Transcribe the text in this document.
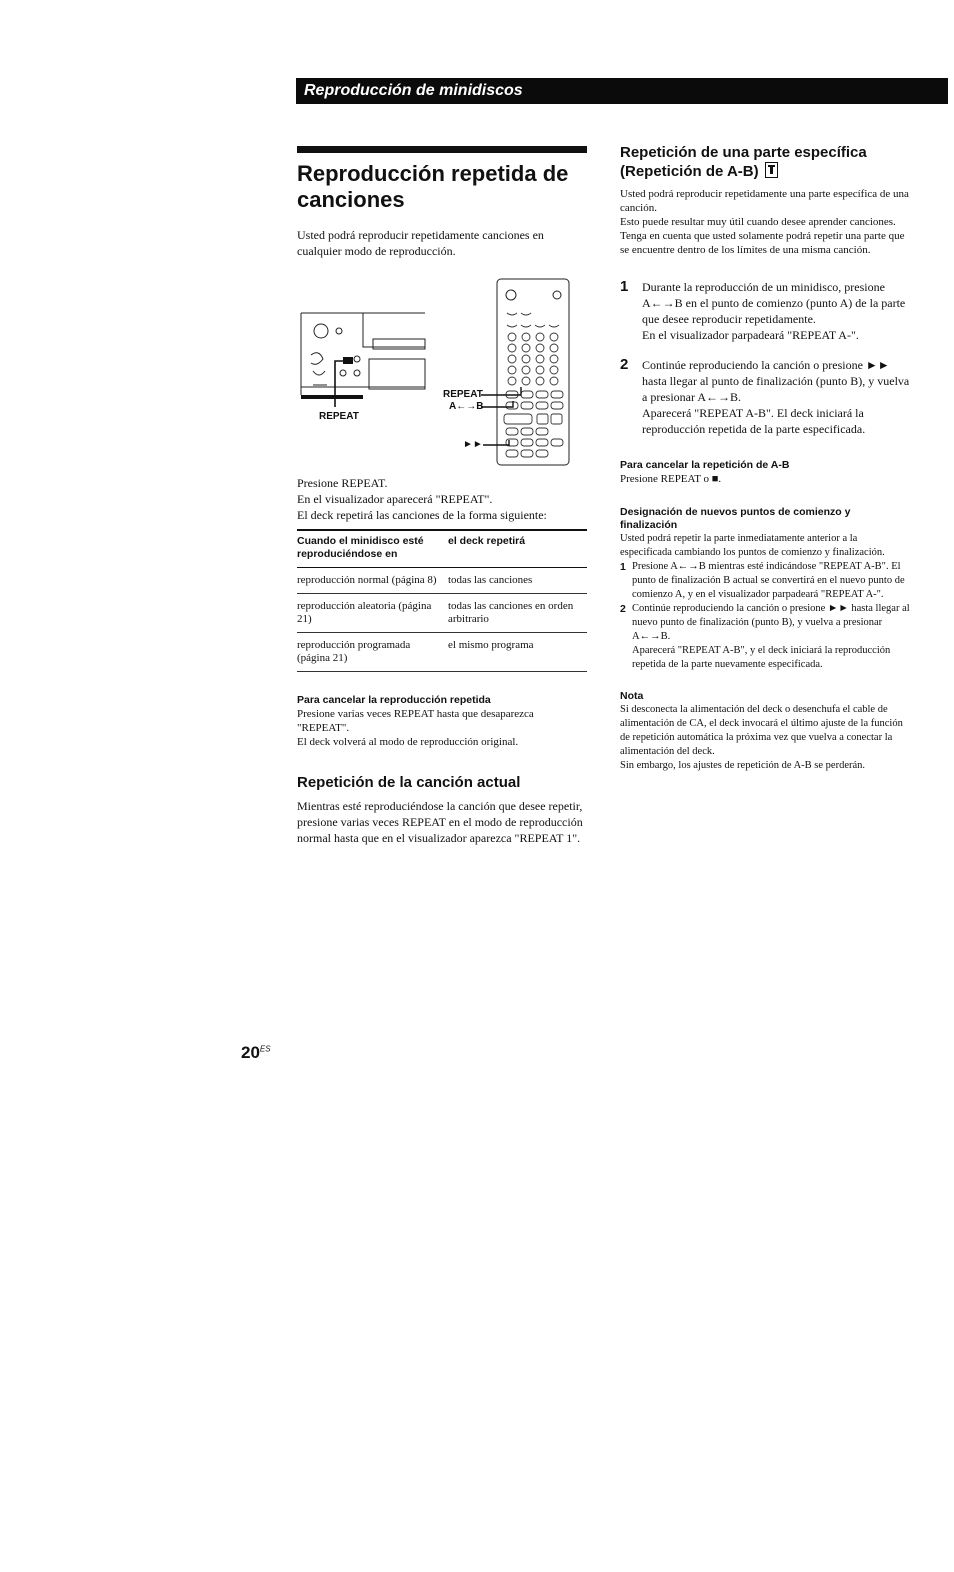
Reproducción de minidiscos
Reproducción repetida de canciones

Usted podrá reproducir repetidamente canciones en cualquier modo de reproducción.

REPEAT
REPEAT
A←→B
►►

Presione REPEAT.

En el visualizador aparecerá "REPEAT".

El deck repetirá las canciones de la forma siguiente:

Cuando el minidisco esté reproduciéndose en	el deck repetirá
reproducción normal (página 8)	todas las canciones
reproducción aleatoria (página 21)	todas las canciones en orden arbitrario
reproducción programada (página 21)	el mismo programa
Para cancelar la reproducción repetida

Presione varias veces REPEAT hasta que desaparezca "REPEAT".

El deck volverá al modo de reproducción original.

Repetición de la canción actual

Mientras esté reproduciéndose la canción que desee repetir, presione varias veces REPEAT en el modo de reproducción normal hasta que en el visualizador aparezca "REPEAT 1".

Repetición de una parte específica (Repetición de A-B)

Usted podrá reproducir repetidamente una parte específica de una canción.

Esto puede resultar muy útil cuando desee aprender canciones.

Tenga en cuenta que usted solamente podrá repetir una parte que se encuentre dentro de los límites de una misma canción.

1 Durante la reproducción de un minidisco, presione A←→B en el punto de comienzo (punto A) de la parte que desee reproducir repetidamente.

En el visualizador parpadeará "REPEAT A-".

2 Continúe reproduciendo la canción o presione ►► hasta llegar al punto de finalización (punto B), y vuelva a presionar A←→B.

Aparecerá "REPEAT A-B". El deck iniciará la reproducción repetida de la parte especificada.

Para cancelar la repetición de A-B

Presione REPEAT o ■.

Designación de nuevos puntos de comienzo y finalización

Usted podrá repetir la parte inmediatamente anterior a la especificada cambiando los puntos de comienzo y finalización.

1 Presione A←→B mientras esté indicándose "REPEAT A-B". El punto de finalización B actual se convertirá en el nuevo punto de comienzo A, y en el visualizador parpadeará "REPEAT A-".

2 Continúe reproduciendo la canción o presione ►► hasta llegar al nuevo punto de finalización (punto B), y vuelva a presionar A←→B.

Aparecerá "REPEAT A-B", y el deck iniciará la reproducción repetida de la parte nuevamente especificada.

Nota

Si desconecta la alimentación del deck o desenchufa el cable de alimentación de CA, el deck invocará el último ajuste de la función de repetición automática la próxima vez que vuelva a conectar la alimentación del deck.

Sin embargo, los ajustes de repetición de A-B se perderán.

$20^{ES}$
